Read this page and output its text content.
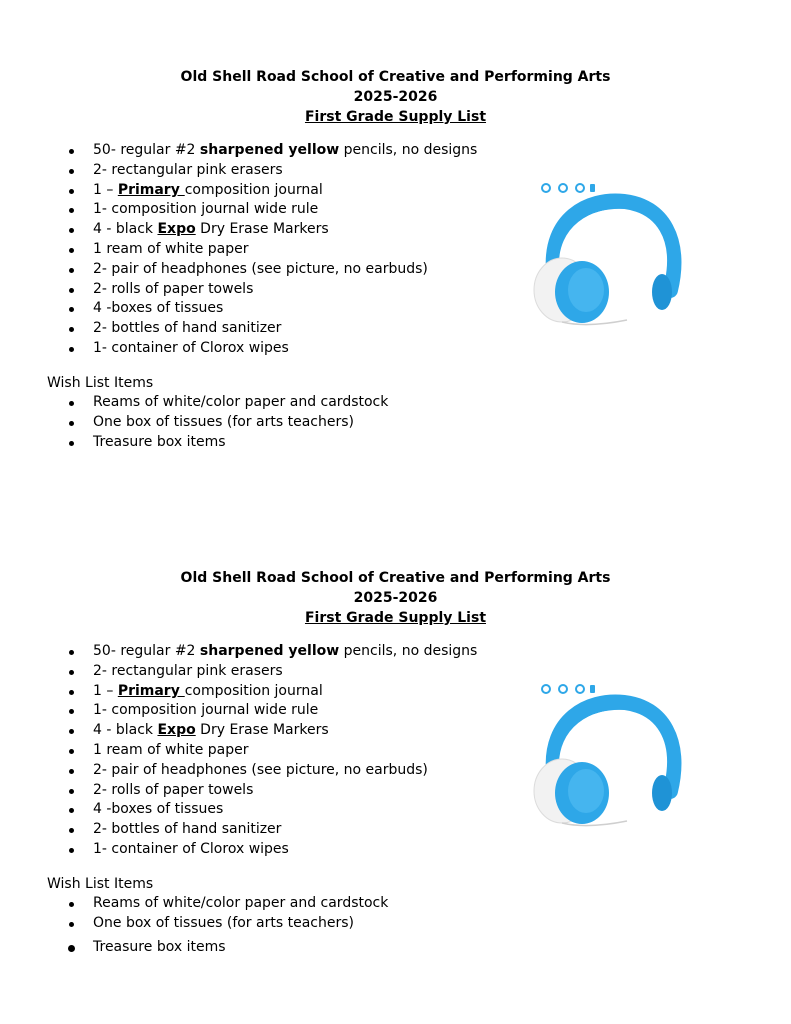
Old Shell Road School of Creative and Performing Arts
2025-2026
First Grade Supply List
50- regular #2 sharpened yellow pencils, no designs
2- rectangular pink erasers
1 – Primary composition journal
1- composition journal wide rule
4 - black Expo Dry Erase Markers
1 ream of white paper
2- pair of headphones (see picture, no earbuds)
2- rolls of paper towels
4 -boxes of tissues
2- bottles of hand sanitizer
1- container of Clorox wipes
Wish List Items
Reams of white/color paper and cardstock
One box of tissues (for arts teachers)
Treasure box items
Old Shell Road School of Creative and Performing Arts
2025-2026
First Grade Supply List
50- regular #2 sharpened yellow pencils, no designs
2- rectangular pink erasers
1 – Primary composition journal
1- composition journal wide rule
4 - black Expo Dry Erase Markers
1 ream of white paper
2- pair of headphones (see picture, no earbuds)
2- rolls of paper towels
4 -boxes of tissues
2- bottles of hand sanitizer
1- container of Clorox wipes
Wish List Items
Reams of white/color paper and cardstock
One box of tissues (for arts teachers)
Treasure box items
